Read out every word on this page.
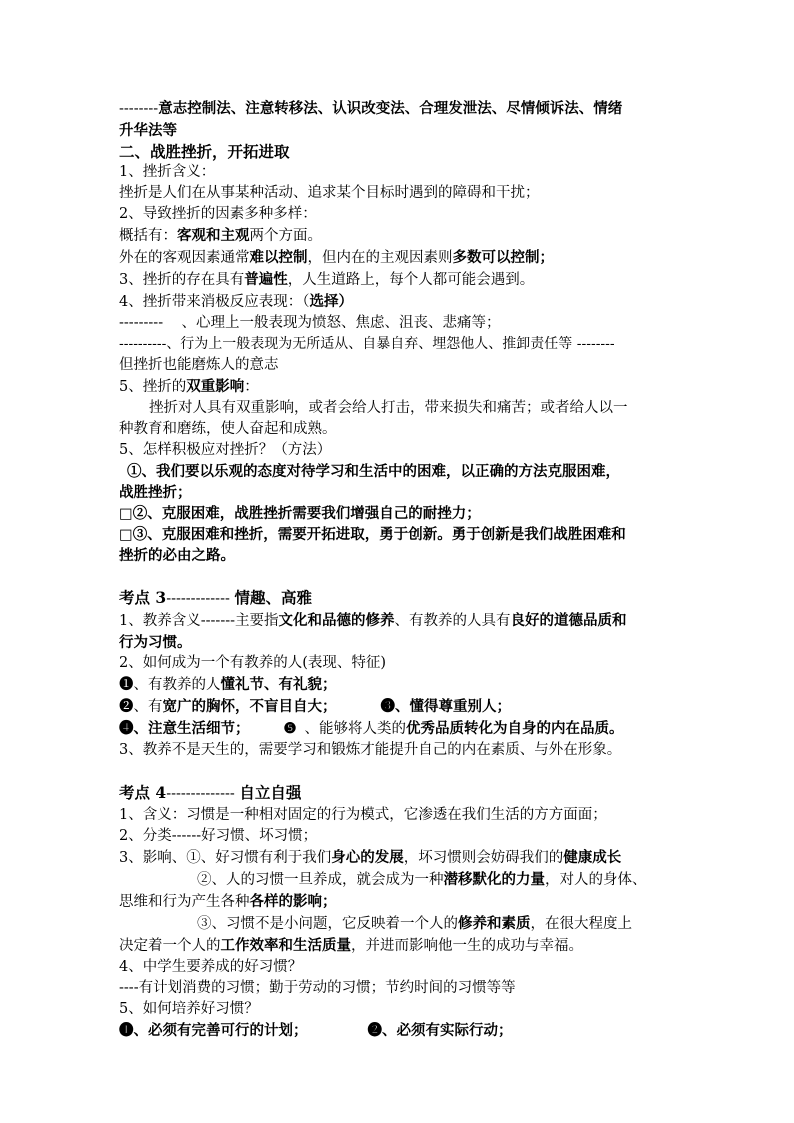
--------意志控制法、注意转移法、认识改变法、合理发泄法、尽情倾诉法、情绪
升华法等
二、战胜挫折，开拓进取
1、挫折含义：
挫折是人们在从事某种活动、追求某个目标时遇到的障碍和干扰；
2、导致挫折的因素多种多样：
概括有：客观和主观两个方面。
外在的客观因素通常难以控制，但内在的主观因素则多数可以控制；
3、挫折的存在具有普遍性，人生道路上，每个人都可能会遇到。
4、挫折带来消极反应表现：（选择）
--------- 、心理上一般表现为愤怒、焦虑、沮丧、悲痛等；
----------、行为上一般表现为无所适从、自暴自弃、埋怨他人、推卸责任等 --------
但挫折也能磨炼人的意志
5、挫折的双重影响：
挫折对人具有双重影响，或者会给人打击，带来损失和痛苦；或者给人以一
种教育和磨练，使人奋起和成熟。
5、怎样积极应对挫折？（方法）
①、我们要以乐观的态度对待学习和生活中的困难，以正确的方法克服困难，
战胜挫折；
□②、克服困难，战胜挫折需要我们增强自己的耐挫力；
□③、克服困难和挫折，需要开拓进取，勇于创新。勇于创新是我们战胜困难和
挫折的必由之路。
考点 3------------- 情趣、高雅
1、教养含义-------主要指文化和品德的修养、有教养的人具有良好的道德品质和
行为习惯。
2、如何成为一个有教养的人(表现、特征)
❶、有教养的人懂礼节、有礼貌；
❷、有宽广的胸怀，不盲目自大；	❸、懂得尊重别人；
❹、注意生活细节； ❺ 、能够将人类的优秀品质转化为自身的内在品质。
3、教养不是天生的，需要学习和锻炼才能提升自己的内在素质、与外在形象。
考点 4-------------- 自立自强
1、含义：习惯是一种相对固定的行为模式，它渗透在我们生活的方方面面；
2、分类------好习惯、坏习惯；
3、影响、①、好习惯有利于我们身心的发展，坏习惯则会妨碍我们的健康成长
②、人的习惯一旦养成，就会成为一种潜移默化的力量，对人的身体、
思维和行为产生各种各样的影响；
③、习惯不是小问题，它反映着一个人的修养和素质，在很大程度上
决定着一个人的工作效率和生活质量，并进而影响他一生的成功与幸福。
4、中学生要养成的好习惯？
----有计划消费的习惯；勤于劳动的习惯；节约时间的习惯等等
5、如何培养好习惯？
❶、必须有完善可行的计划；	❷、必须有实际行动；
